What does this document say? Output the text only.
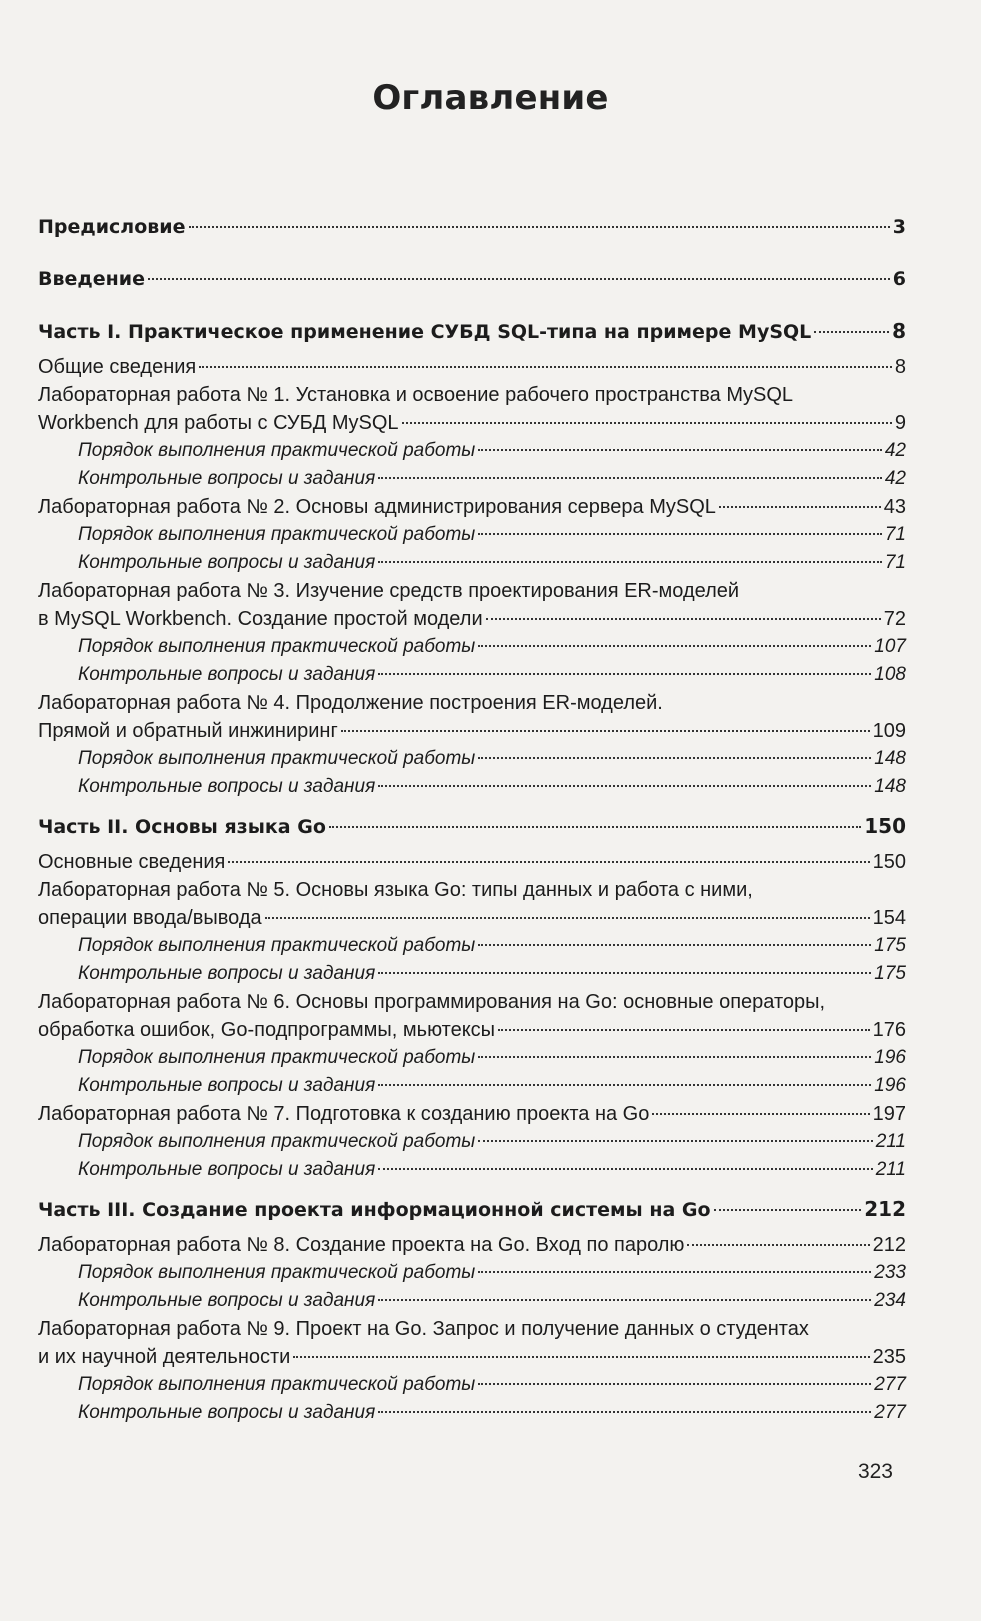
Оглавление
Предисловие	3
Введение	6
Часть I. Практическое применение СУБД SQL-типа на примере MySQL	8
Общие сведения	8
Лабораторная работа № 1. Установка и освоение рабочего пространства MySQL
Workbench для работы с СУБД MySQL	9
Порядок выполнения практической работы	42
Контрольные вопросы и задания	42
Лабораторная работа № 2. Основы администрирования сервера MySQL	43
Порядок выполнения практической работы	71
Контрольные вопросы и задания	71
Лабораторная работа № 3. Изучение средств проектирования ER-моделей
в MySQL Workbench. Создание простой модели	72
Порядок выполнения практической работы	107
Контрольные вопросы и задания	108
Лабораторная работа № 4. Продолжение построения ER-моделей.
Прямой и обратный инжиниринг	109
Порядок выполнения практической работы	148
Контрольные вопросы и задания	148
Часть II. Основы языка Go	150
Основные сведения	150
Лабораторная работа № 5. Основы языка Go: типы данных и работа с ними,
операции ввода/вывода	154
Порядок выполнения практической работы	175
Контрольные вопросы и задания	175
Лабораторная работа № 6. Основы программирования на Go: основные операторы,
обработка ошибок, Go-подпрограммы, мьютексы	176
Порядок выполнения практической работы	196
Контрольные вопросы и задания	196
Лабораторная работа № 7. Подготовка к созданию проекта на Go	197
Порядок выполнения практической работы	211
Контрольные вопросы и задания	211
Часть III. Создание проекта информационной системы на Go	212
Лабораторная работа № 8. Создание проекта на Go. Вход по паролю	212
Порядок выполнения практической работы	233
Контрольные вопросы и задания	234
Лабораторная работа № 9. Проект на Go. Запрос и получение данных о студентах
и их научной деятельности	235
Порядок выполнения практической работы	277
Контрольные вопросы и задания	277
323
